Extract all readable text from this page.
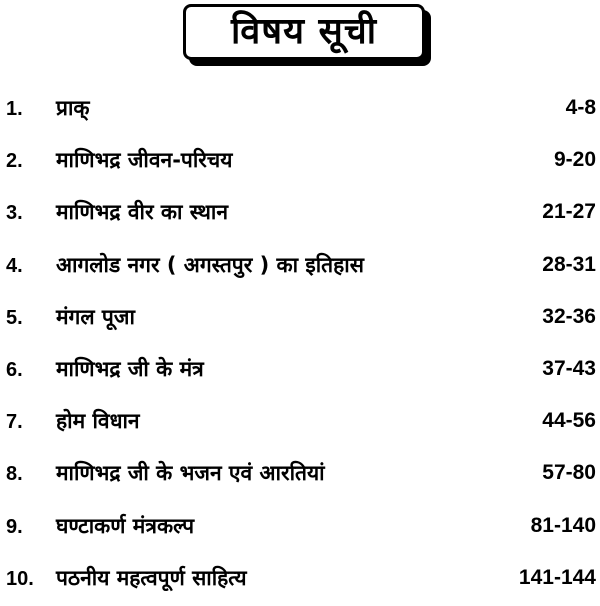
विषय सूची
1. प्राक्	4-8
2. माणिभद्र जीवन-परिचय	9-20
3. माणिभद्र वीर का स्थान	21-27
4. आगलोड नगर ( अगस्तपुर ) का इतिहास	28-31
5. मंगल पूजा	32-36
6. माणिभद्र जी के मंत्र	37-43
7. होम विधान	44-56
8. माणिभद्र जी के भजन एवं आरतियां	57-80
9. घण्टाकर्ण मंत्रकल्प	81-140
10. पठनीय महत्वपूर्ण साहित्य	141-144
